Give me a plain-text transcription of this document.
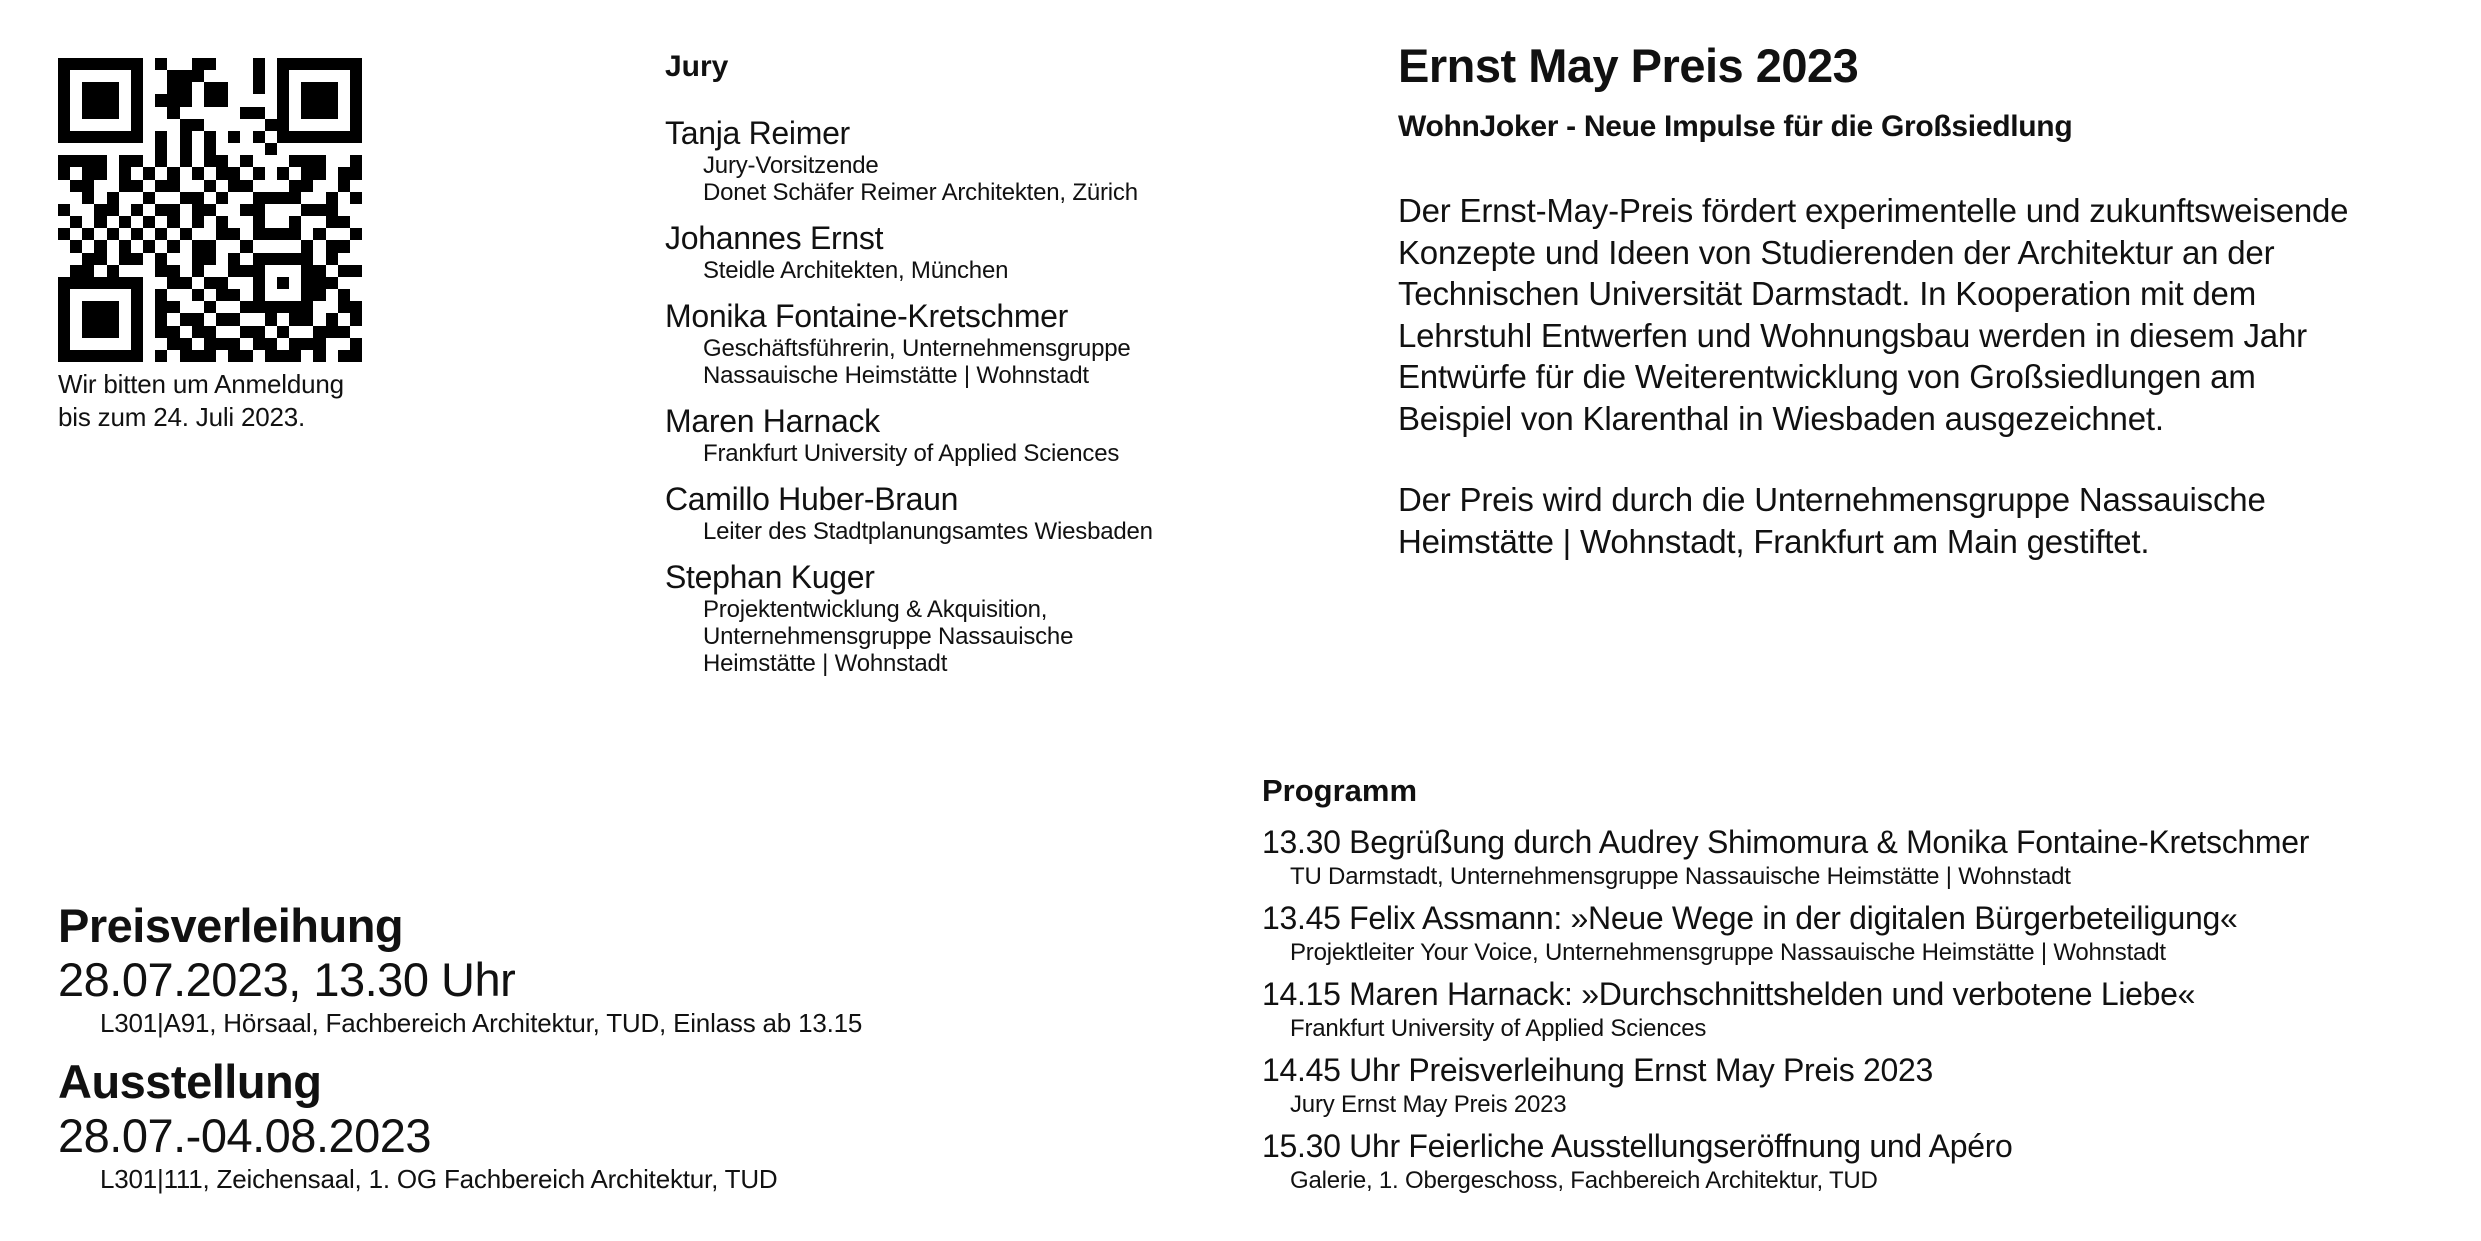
Wir bitten um Anmeldung
bis zum 24. Juli 2023.
Jury
Tanja Reimer
Jury-Vorsitzende
Donet Schäfer Reimer Architekten, Zürich
Johannes Ernst
Steidle Architekten, München
Monika Fontaine-Kretschmer
Geschäftsführerin, Unternehmensgruppe
Nassauische Heimstätte | Wohnstadt
Maren Harnack
Frankfurt University of Applied Sciences
Camillo Huber-Braun
Leiter des Stadtplanungsamtes Wiesbaden
Stephan Kuger
Projektentwicklung & Akquisition,
Unternehmensgruppe Nassauische
Heimstätte | Wohnstadt
Ernst May Preis 2023
WohnJoker - Neue Impulse für die Großsiedlung
Der Ernst-May-Preis fördert experimentelle und zukunftsweisende
Konzepte und Ideen von Studierenden der Architektur an der
Technischen Universität Darmstadt. In Kooperation mit dem
Lehrstuhl Entwerfen und Wohnungsbau werden in diesem Jahr
Entwürfe für die Weiterentwicklung von Großsiedlungen am
Beispiel von Klarenthal in Wiesbaden ausgezeichnet.
Der Preis wird durch die Unternehmensgruppe Nassauische
Heimstätte | Wohnstadt, Frankfurt am Main gestiftet.
Programm
13.30 Begrüßung durch Audrey Shimomura & Monika Fontaine-Kretschmer
TU Darmstadt, Unternehmensgruppe Nassauische Heimstätte | Wohnstadt
13.45 Felix Assmann: »Neue Wege in der digitalen Bürgerbeteiligung«
Projektleiter Your Voice, Unternehmensgruppe Nassauische Heimstätte | Wohnstadt
14.15 Maren Harnack: »Durchschnittshelden und verbotene Liebe«
Frankfurt University of Applied Sciences
14.45 Uhr Preisverleihung Ernst May Preis 2023
Jury Ernst May Preis 2023
15.30 Uhr Feierliche Ausstellungseröffnung und Apéro
Galerie, 1. Obergeschoss, Fachbereich Architektur, TUD
Preisverleihung
28.07.2023, 13.30 Uhr
L301|A91, Hörsaal, Fachbereich Architektur, TUD, Einlass ab 13.15
Ausstellung
28.07.-04.08.2023
L301|111, Zeichensaal, 1. OG Fachbereich Architektur, TUD
